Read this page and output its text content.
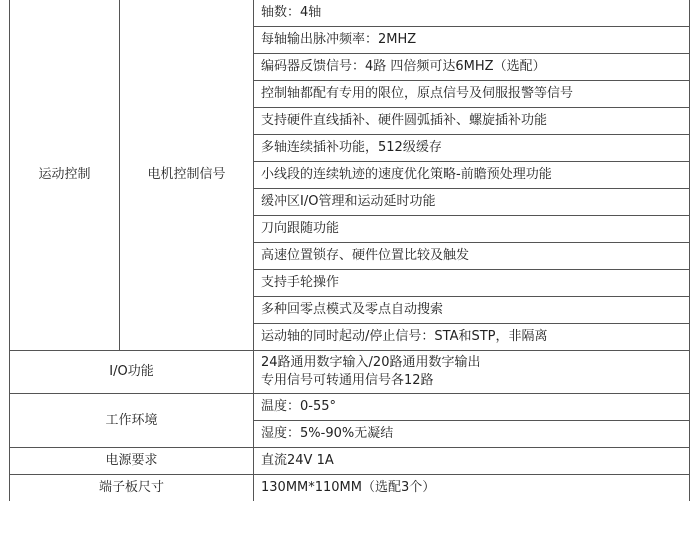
运动控制	电机控制信号	轴数：4轴
		每轴输出脉冲频率：2MHZ
		编码器反馈信号：4路 四倍频可达6MHZ（选配）
		控制轴都配有专用的限位，原点信号及伺服报警等信号
		支持硬件直线插补、硬件圆弧插补、螺旋插补功能
		多轴连续插补功能，512级缓存
		小线段的连续轨迹的速度优化策略-前瞻预处理功能
		缓冲区I/O管理和运动延时功能
		刀向跟随功能
		高速位置锁存、硬件位置比较及触发
		支持手轮操作
		多种回零点模式及零点自动搜索
		运动轴的同时起动/停止信号：STA和STP，非隔离
I/O功能		24路通用数字输入/20路通用数字输出
专用信号可转通用信号各12路

工作环境		温度：0-55°
		湿度：5%-90%无凝结
电源要求		直流24V 1A
端子板尺寸		130MM*110MM（选配3个）
